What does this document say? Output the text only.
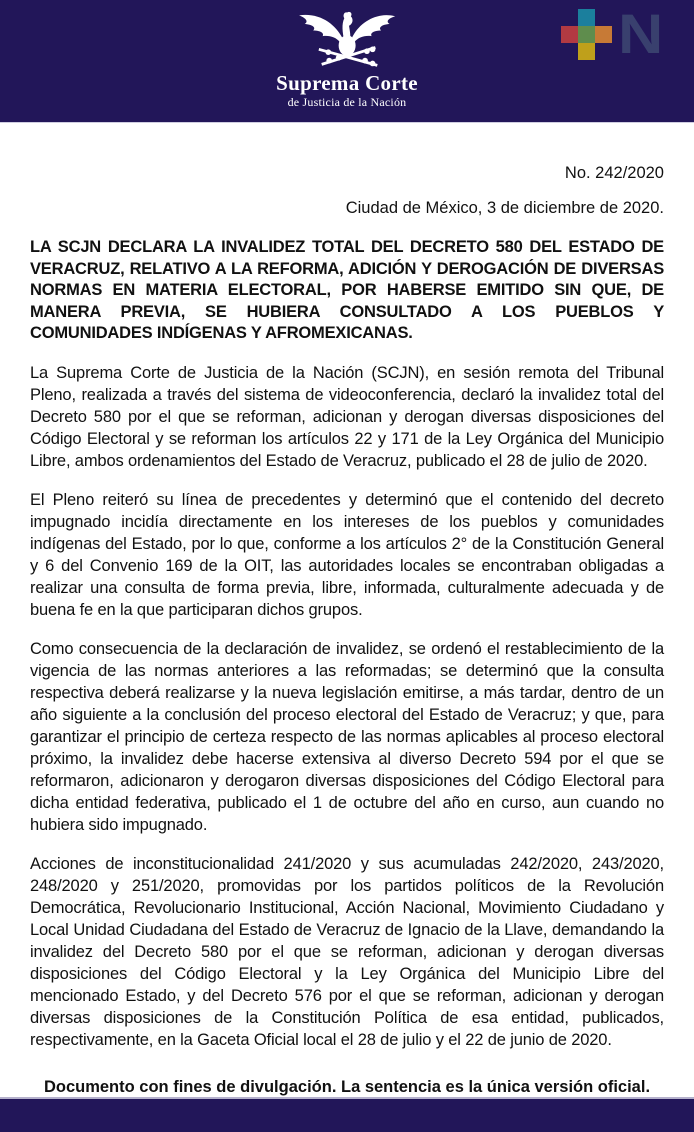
Suprema Corte
de Justicia de la Nación
N
No. 242/2020
Ciudad de México, 3 de diciembre de 2020.
LA SCJN DECLARA LA INVALIDEZ TOTAL DEL DECRETO 580 DEL ESTADO DE VERACRUZ, RELATIVO A LA REFORMA, ADICIÓN Y DEROGACIÓN DE DIVERSAS NORMAS EN MATERIA ELECTORAL, POR HABERSE EMITIDO SIN QUE, DE MANERA PREVIA, SE HUBIERA CONSULTADO A LOS PUEBLOS Y COMUNIDADES INDÍGENAS Y AFROMEXICANAS.

La Suprema Corte de Justicia de la Nación (SCJN), en sesión remota del Tribunal Pleno, realizada a través del sistema de videoconferencia, declaró la invalidez total del Decreto 580 por el que se reforman, adicionan y derogan diversas disposiciones del Código Electoral y se reforman los artículos 22 y 171 de la Ley Orgánica del Municipio Libre, ambos ordenamientos del Estado de Veracruz, publicado el 28 de julio de 2020.

El Pleno reiteró su línea de precedentes y determinó que el contenido del decreto impugnado incidía directamente en los intereses de los pueblos y comunidades indígenas del Estado, por lo que, conforme a los artículos 2° de la Constitución General y 6 del Convenio 169 de la OIT, las autoridades locales se encontraban obligadas a realizar una consulta de forma previa, libre, informada, culturalmente adecuada y de buena fe en la que participaran dichos grupos.

Como consecuencia de la declaración de invalidez, se ordenó el restablecimiento de la vigencia de las normas anteriores a las reformadas; se determinó que la consulta respectiva deberá realizarse y la nueva legislación emitirse, a más tardar, dentro de un año siguiente a la conclusión del proceso electoral del Estado de Veracruz; y que, para garantizar el principio de certeza respecto de las normas aplicables al proceso electoral próximo, la invalidez debe hacerse extensiva al diverso Decreto 594 por el que se reformaron, adicionaron y derogaron diversas disposiciones del Código Electoral para dicha entidad federativa, publicado el 1 de octubre del año en curso, aun cuando no hubiera sido impugnado.

Acciones de inconstitucionalidad 241/2020 y sus acumuladas 242/2020, 243/2020, 248/2020 y 251/2020, promovidas por los partidos políticos de la Revolución Democrática, Revolucionario Institucional, Acción Nacional, Movimiento Ciudadano y Local Unidad Ciudadana del Estado de Veracruz de Ignacio de la Llave, demandando la invalidez del Decreto 580 por el que se reforman, adicionan y derogan diversas disposiciones del Código Electoral y la Ley Orgánica del Municipio Libre del mencionado Estado, y del Decreto 576 por el que se reforman, adicionan y derogan diversas disposiciones de la Constitución Política de esa entidad, publicados, respectivamente, en la Gaceta Oficial local el 28 de julio y el 22 de junio de 2020.

Documento con fines de divulgación. La sentencia es la única versión oficial.
